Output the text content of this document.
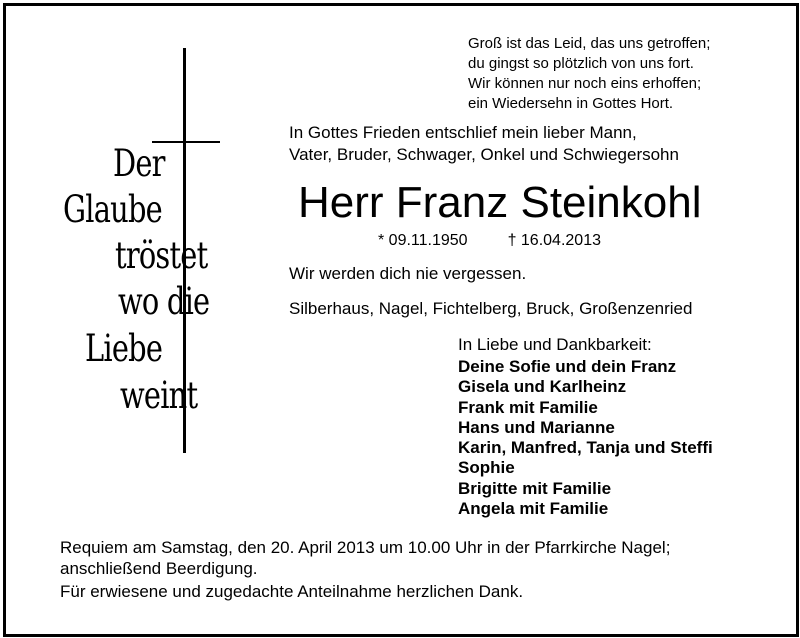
Groß ist das Leid, das uns getroffen;
du gingst so plötzlich von uns fort.
Wir können nur noch eins erhoffen;
ein Wiedersehn in Gottes Hort.
Der
Glaube
tröstet
wo die
Liebe
weint
In Gottes Frieden entschlief mein lieber Mann,
Vater, Bruder, Schwager, Onkel und Schwiegersohn
Herr Franz Steinkohl
* 09.11.1950	† 16.04.2013
Wir werden dich nie vergessen.
Silberhaus, Nagel, Fichtelberg, Bruck, Großenzenried
In Liebe und Dankbarkeit:
Deine Sofie und dein Franz
Gisela und Karlheinz
Frank mit Familie
Hans und Marianne
Karin, Manfred, Tanja und Steffi
Sophie
Brigitte mit Familie
Angela mit Familie
Requiem am Samstag, den 20. April 2013 um 10.00 Uhr in der Pfarrkirche Nagel;
anschließend Beerdigung.
Für erwiesene und zugedachte Anteilnahme herzlichen Dank.
